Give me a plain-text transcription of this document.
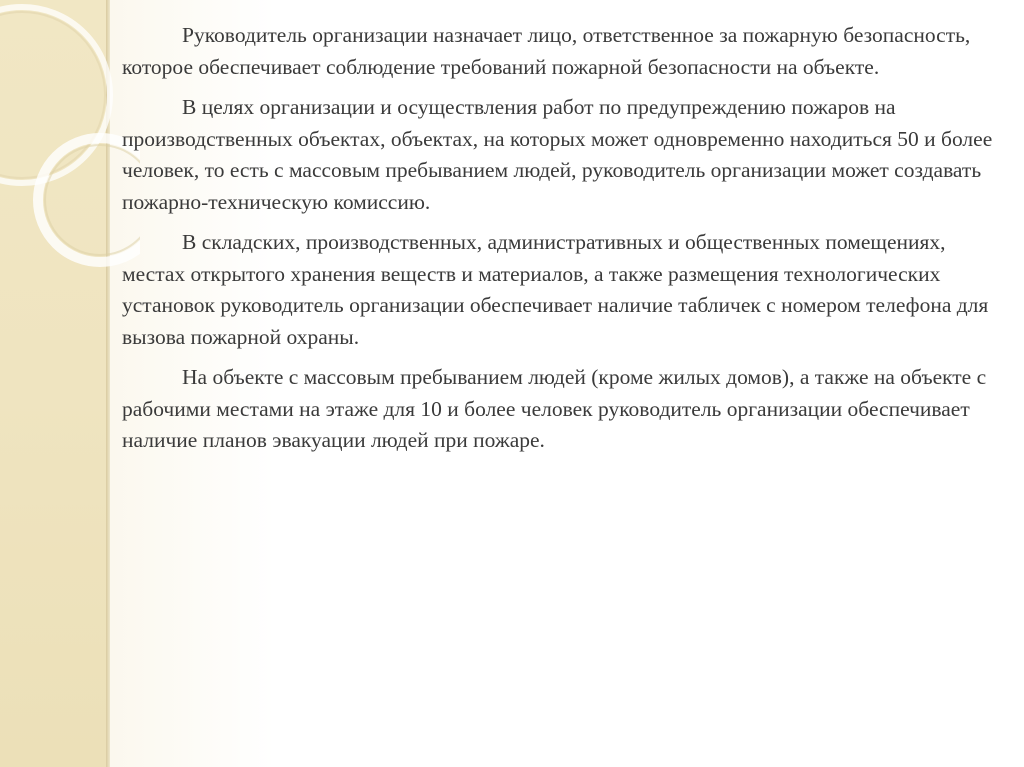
Руководитель организации назначает лицо, ответственное за пожарную безопасность, которое обеспечивает соблюдение требований пожарной безопасности на объекте.

В целях организации и осуществления работ по предупреждению пожаров на производственных объектах, объектах, на которых может одновременно находиться 50 и более человек, то есть с массовым пребыванием людей, руководитель организации может создавать пожарно-техническую комиссию.

В складских, производственных, административных и общественных помещениях, местах открытого хранения веществ и материалов, а также размещения технологических установок руководитель организации обеспечивает наличие табличек с номером телефона для вызова пожарной охраны.

На объекте с массовым пребыванием людей (кроме жилых домов), а также на объекте с рабочими местами на этаже для 10 и более человек руководитель организации обеспечивает наличие планов эвакуации людей при пожаре.
